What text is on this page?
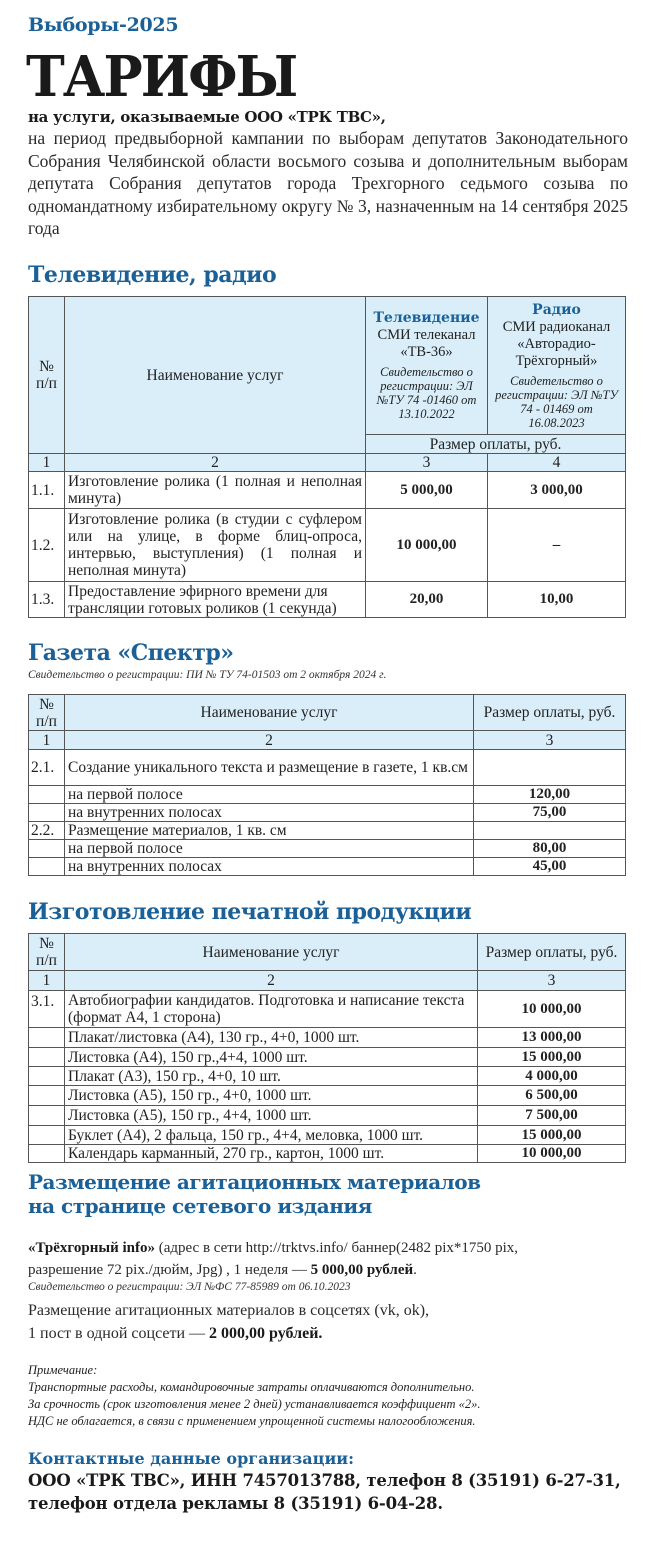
Выборы-2025
ТАРИФЫ
на услуги, оказываемые ООО «ТРК ТВС»,
на период предвыборной кампании по выборам депутатов Законодательного Собрания Челябинской области восьмого созыва и дополнительным выборам депутата Собрания депутатов города Трехгорного седьмого созыва по одномандатному избирательному округу № 3, назначенным на 14 сентября 2025 года
Телевидение, радио
№ п/п	Наименование услуг	Телевидение
СМИ телеканал «ТВ-36»
Свидетельство о регистрации: ЭЛ №ТУ 74 -01460 от 13.10.2022	Радио
СМИ радиоканал «Авторадио-Трёхгорный»
Свидетельство о регистрации: ЭЛ №ТУ 74 - 01469 от 16.08.2023

		Размер оплаты, руб.	
1	2	3	4
1.1.	Изготовление ролика (1 полная и неполная минута)	5 000,00	3 000,00
1.2.	Изготовление ролика (в студии с суфлером или на улице, в форме блиц-опроса, интервью, выступления) (1 полная и неполная минута)	10 000,00	–
1.3.	Предоставление эфирного времени для трансляции готовых роликов (1 секунда)	20,00	10,00
Газета «Спектр»
Свидетельство о регистрации: ПИ № ТУ 74-01503 от 2 октября 2024 г.
№ п/п	Наименование услуг	Размер оплаты, руб.
1	2	3
2.1.	Создание уникального текста и размещение в газете, 1 кв.см	
	на первой полосе	120,00
	на внутренних полосах	75,00
2.2.	Размещение материалов, 1 кв. см	
	на первой полосе	80,00
	на внутренних полосах	45,00
Изготовление печатной продукции
№ п/п	Наименование услуг	Размер оплаты, руб.
1	2	3
3.1.	Автобиографии кандидатов. Подготовка и написание текста (формат А4, 1 сторона)	10 000,00
	Плакат/листовка (А4), 130 гр., 4+0, 1000 шт.	13 000,00
	Листовка (А4), 150 гр.,4+4, 1000 шт.	15 000,00
	Плакат (А3), 150 гр., 4+0, 10 шт.	4 000,00
	Листовка (А5), 150 гр., 4+0, 1000 шт.	6 500,00
	Листовка (А5), 150 гр., 4+4, 1000 шт.	7 500,00
	Буклет (А4), 2 фальца, 150 гр., 4+4, меловка, 1000 шт.	15 000,00
	Календарь карманный, 270 гр., картон, 1000 шт.	10 000,00
Размещение агитационных материалов
на странице сетевого издания
«Трёхгорный info» (адрес в сети http://trktvs.info/ баннер(2482 pix*1750 pix,
разрешение 72 pix./дюйм, Jpg) , 1 неделя — 5 000,00 рублей.
Свидетельство о регистрации: ЭЛ №ФС 77-85989 от 06.10.2023
Размещение агитационных материалов в соцсетях (vk, ok),
1 пост в одной соцсети — 2 000,00 рублей.
Примечание:
Транспортные расходы, командировочные затраты оплачиваются дополнительно.
За срочность (срок изготовления менее 2 дней) устанавливается коэффициент «2».
НДС не облагается, в связи с применением упрощенной системы налогообложения.
Контактные данные организации:
ООО «ТРК ТВС», ИНН 7457013788, телефон 8 (35191) 6-27-31,
телефон отдела рекламы 8 (35191) 6-04-28.
